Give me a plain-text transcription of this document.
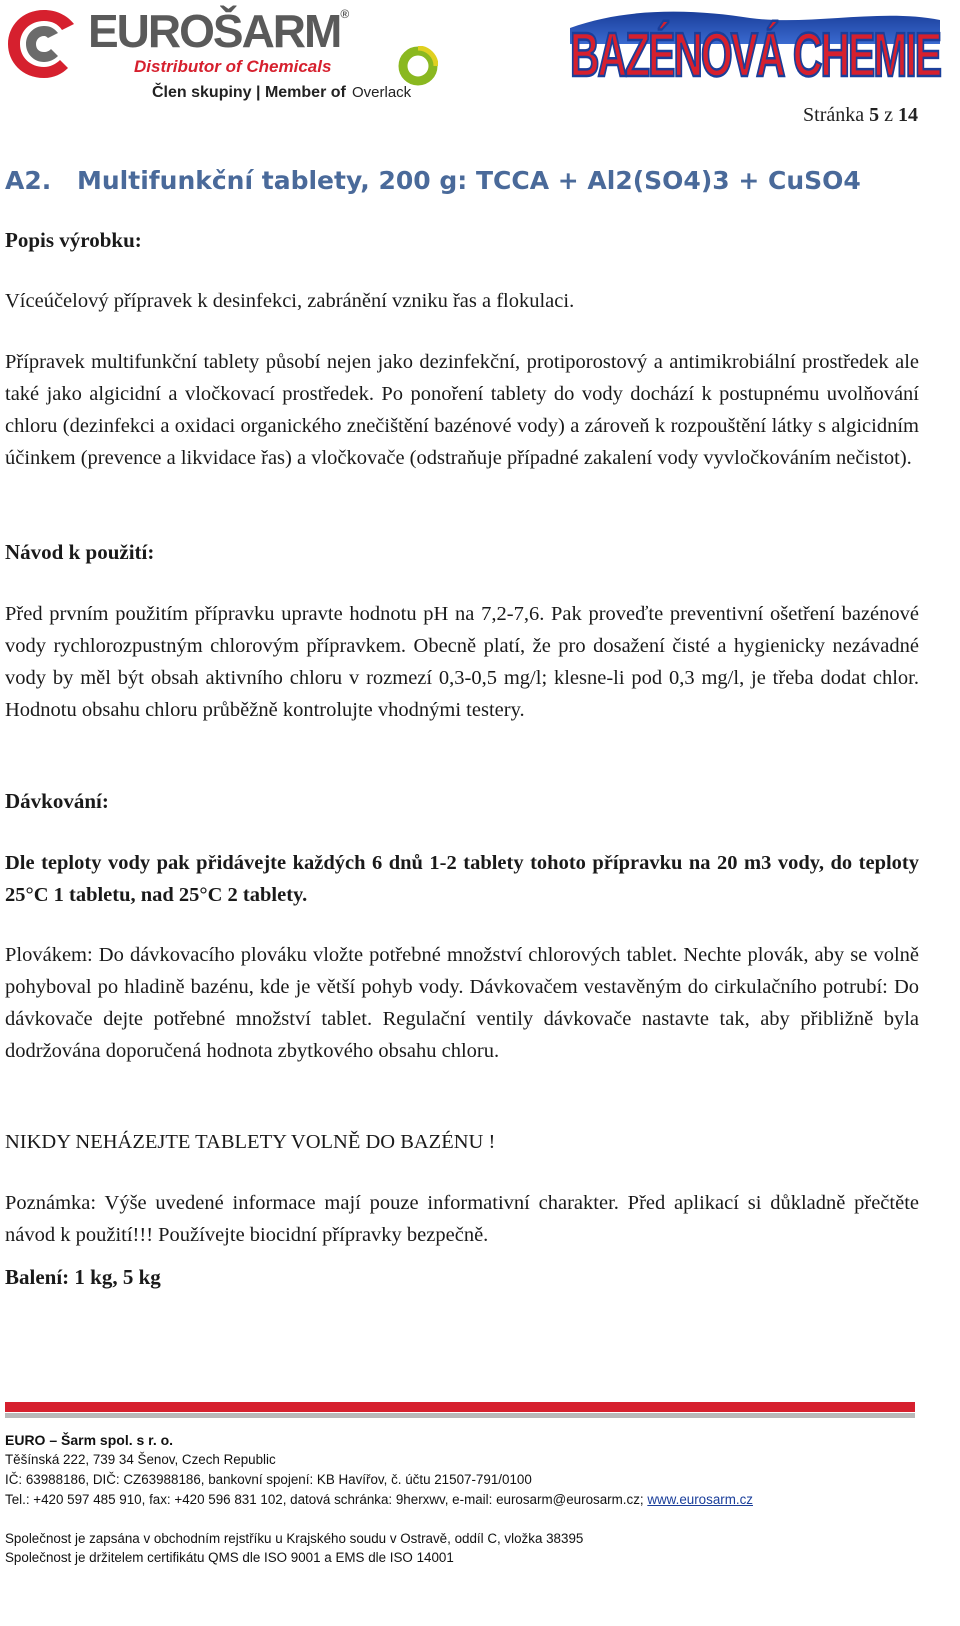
EUROŠARM®
Distributor of Chemicals
Člen skupiny | Member of Overlack
BAZÉNOVÁ CHEMIE
Stránka 5 z 14
A2. Multifunkční tablety, 200 g: TCCA + Al2(SO4)3 + CuSO4
Popis výrobku:
Víceúčelový přípravek k desinfekci, zabránění vzniku řas a flokulaci.
Přípravek multifunkční tablety působí nejen jako dezinfekční, protiporostový a antimikrobiální prostředek ale také jako algicidní a vločkovací prostředek. Po ponoření tablety do vody dochází k postupnému uvolňování chloru (dezinfekci a oxidaci organického znečištění bazénové vody) a zároveň k rozpouštění látky s algicidním účinkem (prevence a likvidace řas) a vločkovače (odstraňuje případné zakalení vody vyvločkováním nečistot).
Návod k použití:
Před prvním použitím přípravku upravte hodnotu pH na 7,2-7,6. Pak proveďte preventivní ošetření bazénové vody rychlorozpustným chlorovým přípravkem. Obecně platí, že pro dosažení čisté a hygienicky nezávadné vody by měl být obsah aktivního chloru v rozmezí 0,3-0,5 mg/l; klesne-li pod 0,3 mg/l, je třeba dodat chlor. Hodnotu obsahu chloru průběžně kontrolujte vhodnými testery.
Dávkování:
Dle teploty vody pak přidávejte každých 6 dnů 1-2 tablety tohoto přípravku na 20 m3 vody, do teploty 25°C 1 tabletu, nad 25°C 2 tablety.
Plovákem: Do dávkovacího plováku vložte potřebné množství chlorových tablet. Nechte plovák, aby se volně pohyboval po hladině bazénu, kde je větší pohyb vody. Dávkovačem vestavěným do cirkulačního potrubí: Do dávkovače dejte potřebné množství tablet. Regulační ventily dávkovače nastavte tak, aby přibližně byla dodržována doporučená hodnota zbytkového obsahu chloru.
NIKDY NEHÁZEJTE TABLETY VOLNĚ DO BAZÉNU !
Poznámka: Výše uvedené informace mají pouze informativní charakter. Před aplikací si důkladně přečtěte návod k použití!!! Používejte biocidní přípravky bezpečně.
Balení: 1 kg, 5 kg
EURO – Šarm spol. s r. o.
Těšínská 222, 739 34 Šenov, Czech Republic
IČ: 63988186, DIČ: CZ63988186, bankovní spojení: KB Havířov, č. účtu 21507-791/0100
Tel.: +420 597 485 910, fax: +420 596 831 102, datová schránka: 9herxwv, e-mail: eurosarm@eurosarm.cz; www.eurosarm.cz
Společnost je zapsána v obchodním rejstříku u Krajského soudu v Ostravě, oddíl C, vložka 38395
Společnost je držitelem certifikátu QMS dle ISO 9001 a EMS dle ISO 14001
